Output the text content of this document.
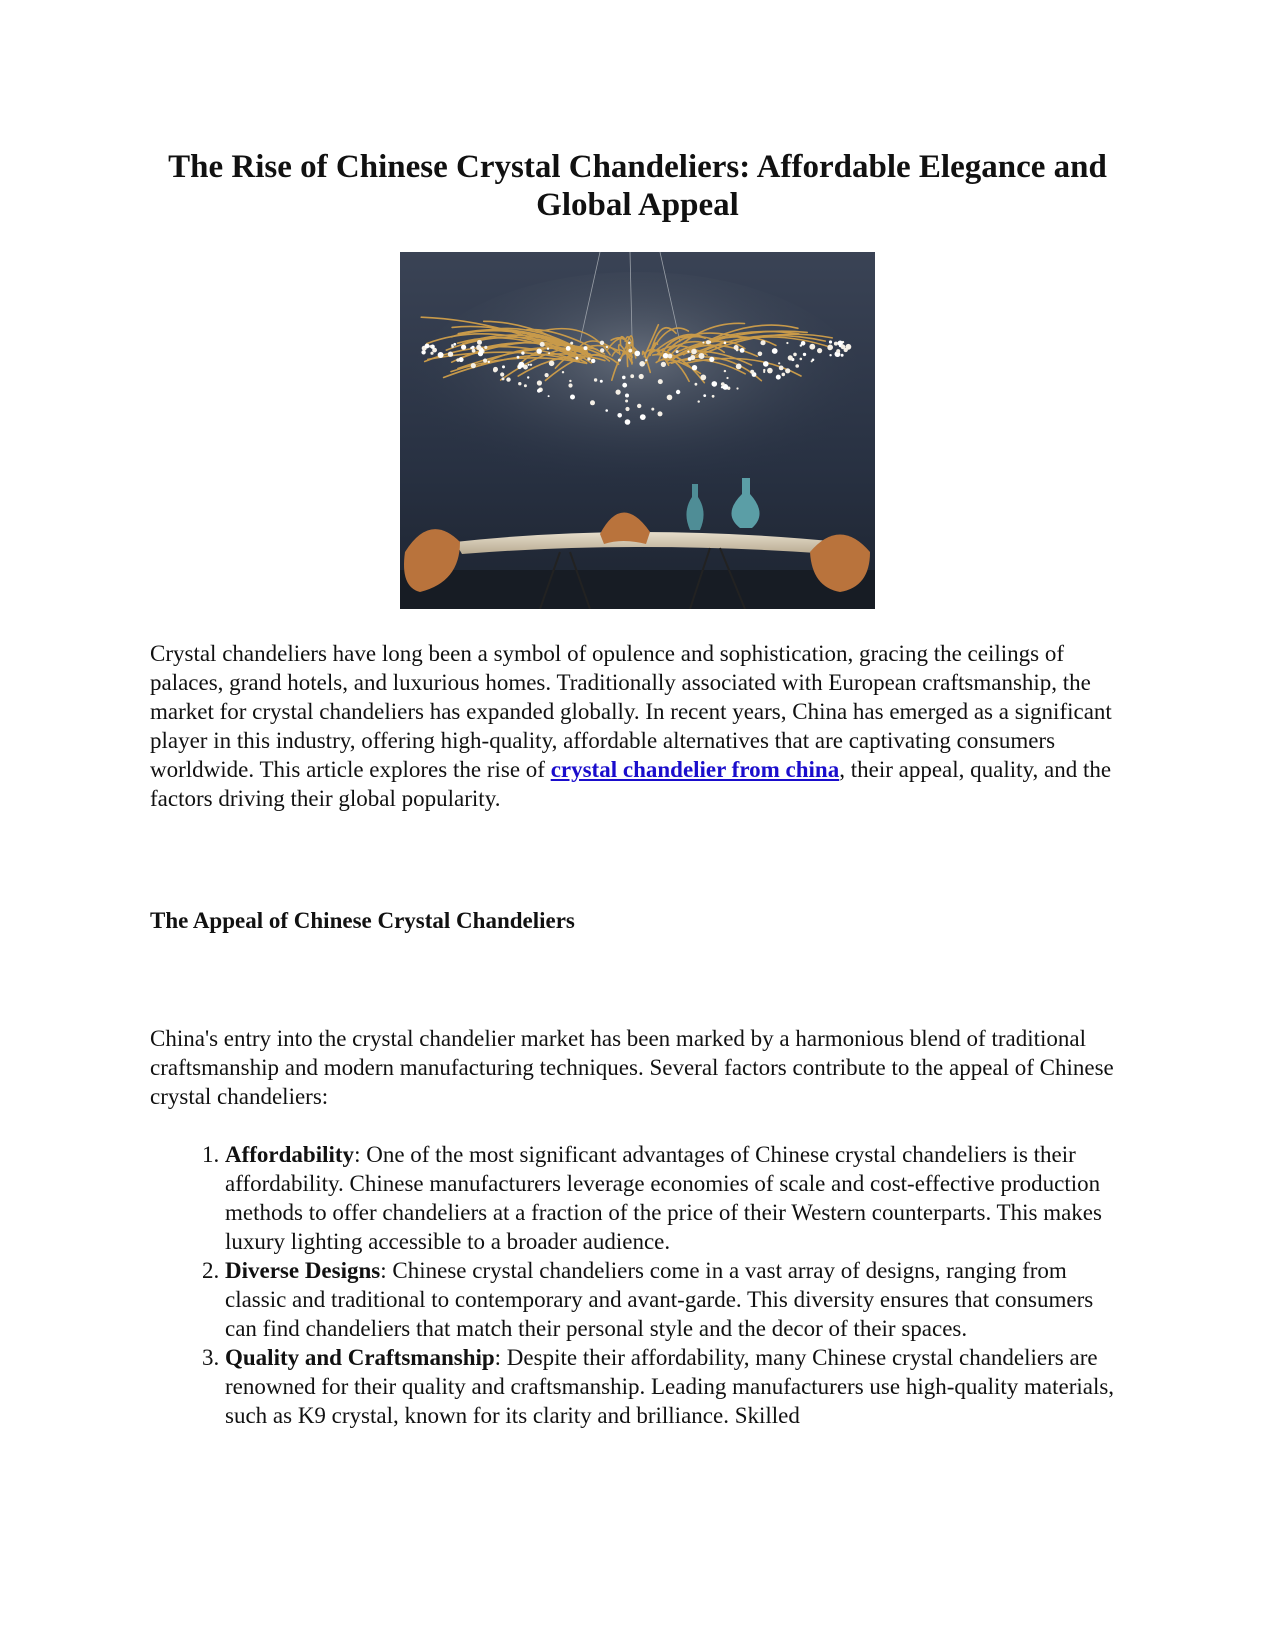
The Rise of Chinese Crystal Chandeliers: Affordable Elegance and Global Appeal

Crystal chandeliers have long been a symbol of opulence and sophistication, gracing the ceilings of palaces, grand hotels, and luxurious homes. Traditionally associated with European craftsmanship, the market for crystal chandeliers has expanded globally. In recent years, China has emerged as a significant player in this industry, offering high-quality, affordable alternatives that are captivating consumers worldwide. This article explores the rise of crystal chandelier from china, their appeal, quality, and the factors driving their global popularity.

The Appeal of Chinese Crystal Chandeliers

China's entry into the crystal chandelier market has been marked by a harmonious blend of traditional craftsmanship and modern manufacturing techniques. Several factors contribute to the appeal of Chinese crystal chandeliers:

1. Affordability: One of the most significant advantages of Chinese crystal chandeliers is their affordability. Chinese manufacturers leverage economies of scale and cost-effective production methods to offer chandeliers at a fraction of the price of their Western counterparts. This makes luxury lighting accessible to a broader audience.
2. Diverse Designs: Chinese crystal chandeliers come in a vast array of designs, ranging from classic and traditional to contemporary and avant-garde. This diversity ensures that consumers can find chandeliers that match their personal style and the decor of their spaces.
3. Quality and Craftsmanship: Despite their affordability, many Chinese crystal chandeliers are renowned for their quality and craftsmanship. Leading manufacturers use high-quality materials, such as K9 crystal, known for its clarity and brilliance. Skilled
